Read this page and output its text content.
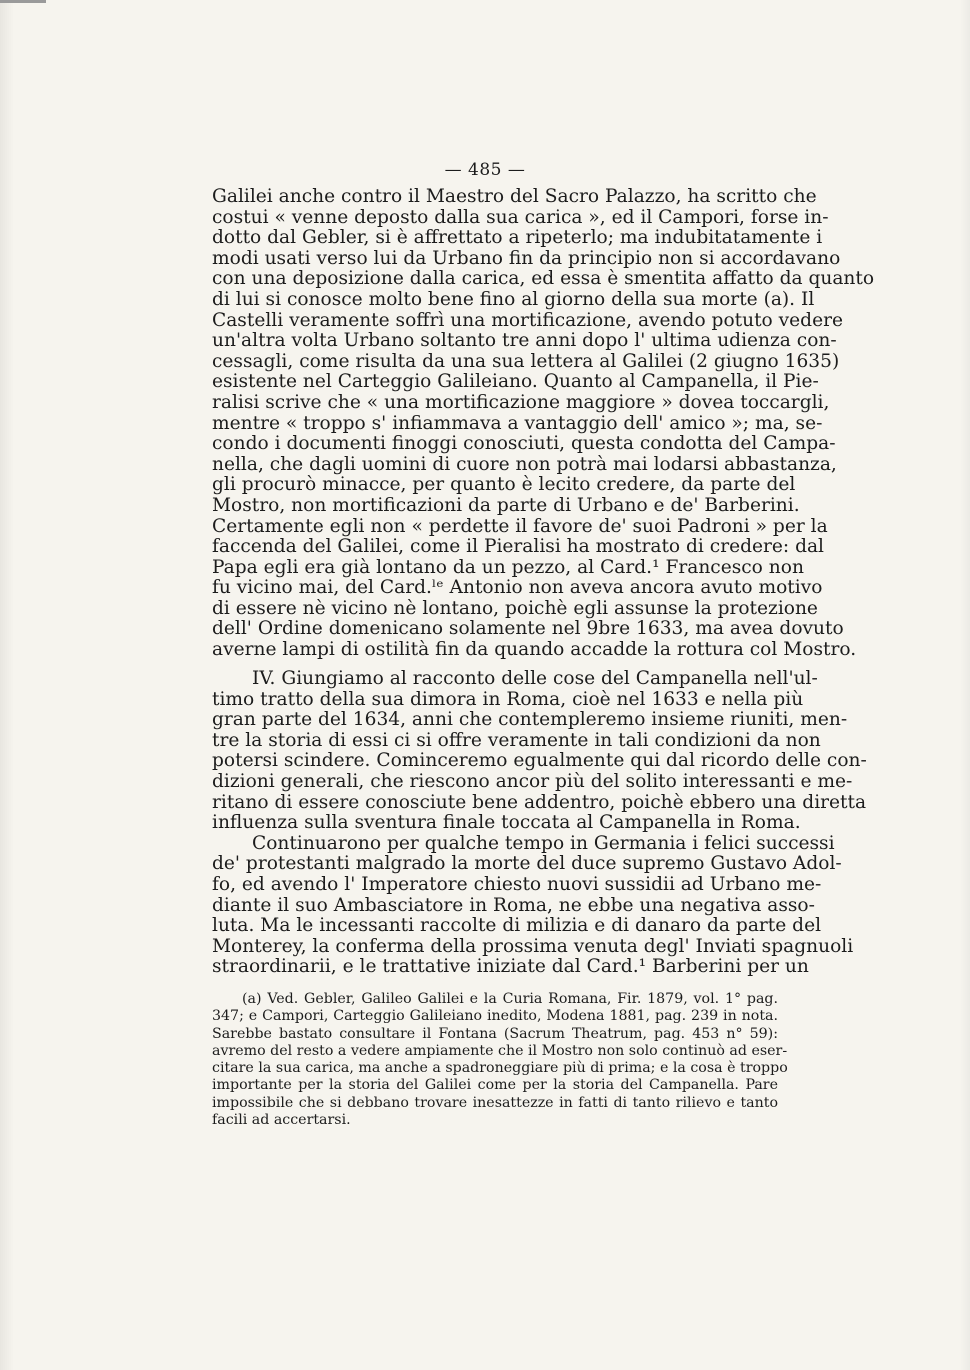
— 485 —
Galilei anche contro il Maestro del Sacro Palazzo, ha scritto che
costui « venne deposto dalla sua carica », ed il Campori, forse in-
dotto dal Gebler, si è affrettato a ripeterlo; ma indubitatamente i
modi usati verso lui da Urbano fin da principio non si accordavano
con una deposizione dalla carica, ed essa è smentita affatto da quanto
di lui si conosce molto bene fino al giorno della sua morte (a). Il
Castelli veramente soffrì una mortificazione, avendo potuto vedere
un'altra volta Urbano soltanto tre anni dopo l' ultima udienza con-
cessagli, come risulta da una sua lettera al Galilei (2 giugno 1635)
esistente nel Carteggio Galileiano. Quanto al Campanella, il Pie-
ralisi scrive che « una mortificazione maggiore » dovea toccargli,
mentre « troppo s' infiammava a vantaggio dell' amico »; ma, se-
condo i documenti finoggi conosciuti, questa condotta del Campa-
nella, che dagli uomini di cuore non potrà mai lodarsi abbastanza,
gli procurò minacce, per quanto è lecito credere, da parte del
Mostro, non mortificazioni da parte di Urbano e de' Barberini.
Certamente egli non « perdette il favore de' suoi Padroni » per la
faccenda del Galilei, come il Pieralisi ha mostrato di credere: dal
Papa egli era già lontano da un pezzo, al Card.¹ Francesco non
fu vicino mai, del Card.ˡᵉ Antonio non aveva ancora avuto motivo
di essere nè vicino nè lontano, poichè egli assunse la protezione
dell' Ordine domenicano solamente nel 9bre 1633, ma avea dovuto
averne lampi di ostilità fin da quando accadde la rottura col Mostro.
IV. Giungiamo al racconto delle cose del Campanella nell'ul-
timo tratto della sua dimora in Roma, cioè nel 1633 e nella più
gran parte del 1634, anni che contempleremo insieme riuniti, men-
tre la storia di essi ci si offre veramente in tali condizioni da non
potersi scindere. Cominceremo egualmente qui dal ricordo delle con-
dizioni generali, che riescono ancor più del solito interessanti e me-
ritano di essere conosciute bene addentro, poichè ebbero una diretta
influenza sulla sventura finale toccata al Campanella in Roma.
Continuarono per qualche tempo in Germania i felici successi
de' protestanti malgrado la morte del duce supremo Gustavo Adol-
fo, ed avendo l' Imperatore chiesto nuovi sussidii ad Urbano me-
diante il suo Ambasciatore in Roma, ne ebbe una negativa asso-
luta. Ma le incessanti raccolte di milizia e di danaro da parte del
Monterey, la conferma della prossima venuta degl' Inviati spagnuoli
straordinarii, e le trattative iniziate dal Card.¹ Barberini per un
(a) Ved. Gebler, Galileo Galilei e la Curia Romana, Fir. 1879, vol. 1° pag.
347; e Campori, Carteggio Galileiano inedito, Modena 1881, pag. 239 in nota.
Sarebbe bastato consultare il Fontana (Sacrum Theatrum, pag. 453 n° 59):
avremo del resto a vedere ampiamente che il Mostro non solo continuò ad eser-
citare la sua carica, ma anche a spadroneggiare più di prima; e la cosa è troppo
importante per la storia del Galilei come per la storia del Campanella. Pare
impossibile che si debbano trovare inesattezze in fatti di tanto rilievo e tanto
facili ad accertarsi.
